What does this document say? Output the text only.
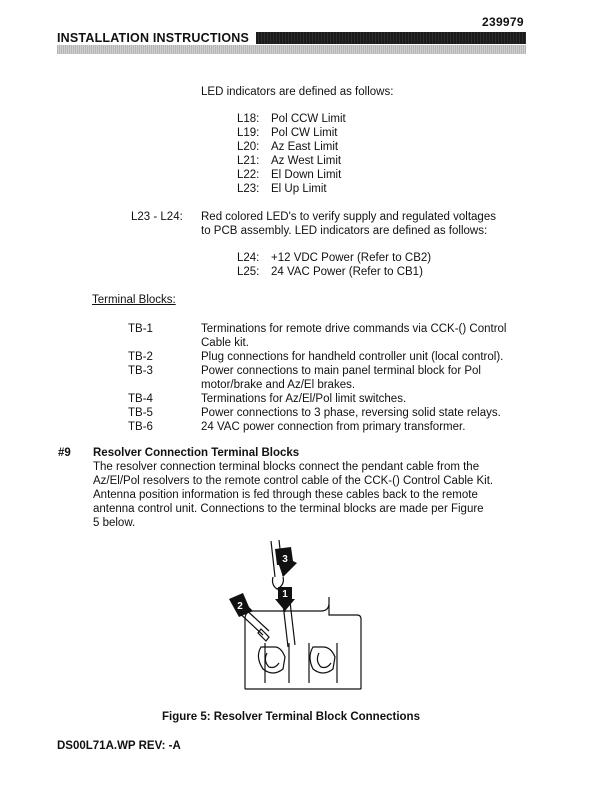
239979
INSTALLATION INSTRUCTIONS
LED indicators are defined as follows:
L18:	Pol CCW Limit
L19:	Pol CW Limit
L20:	Az East Limit
L21:	Az West Limit
L22:	El Down Limit
L23:	El Up Limit
L23 - L24: Red colored LED's to verify supply and regulated voltages
to PCB assembly. LED indicators are defined as follows:
L24:	+12 VDC Power (Refer to CB2)
L25:	24 VAC Power (Refer to CB1)
Terminal Blocks:
TB-1	Terminations for remote drive commands via CCK-() Control
Cable kit.
TB-2	Plug connections for handheld controller unit (local control).
TB-3	Power connections to main panel terminal block for Pol
motor/brake and Az/El brakes.
TB-4	Terminations for Az/El/Pol limit switches.
TB-5	Power connections to 3 phase, reversing solid state relays.
TB-6	24 VAC power connection from primary transformer.
#9 Resolver Connection Terminal Blocks
The resolver connection terminal blocks connect the pendant cable from the
Az/El/Pol resolvers to the remote control cable of the CCK-() Control Cable Kit.
Antenna position information is fed through these cables back to the remote
antenna control unit. Connections to the terminal blocks are made per Figure
5 below.
1
2
3
Figure 5: Resolver Terminal Block Connections
DS00L71A.WP REV: -A
